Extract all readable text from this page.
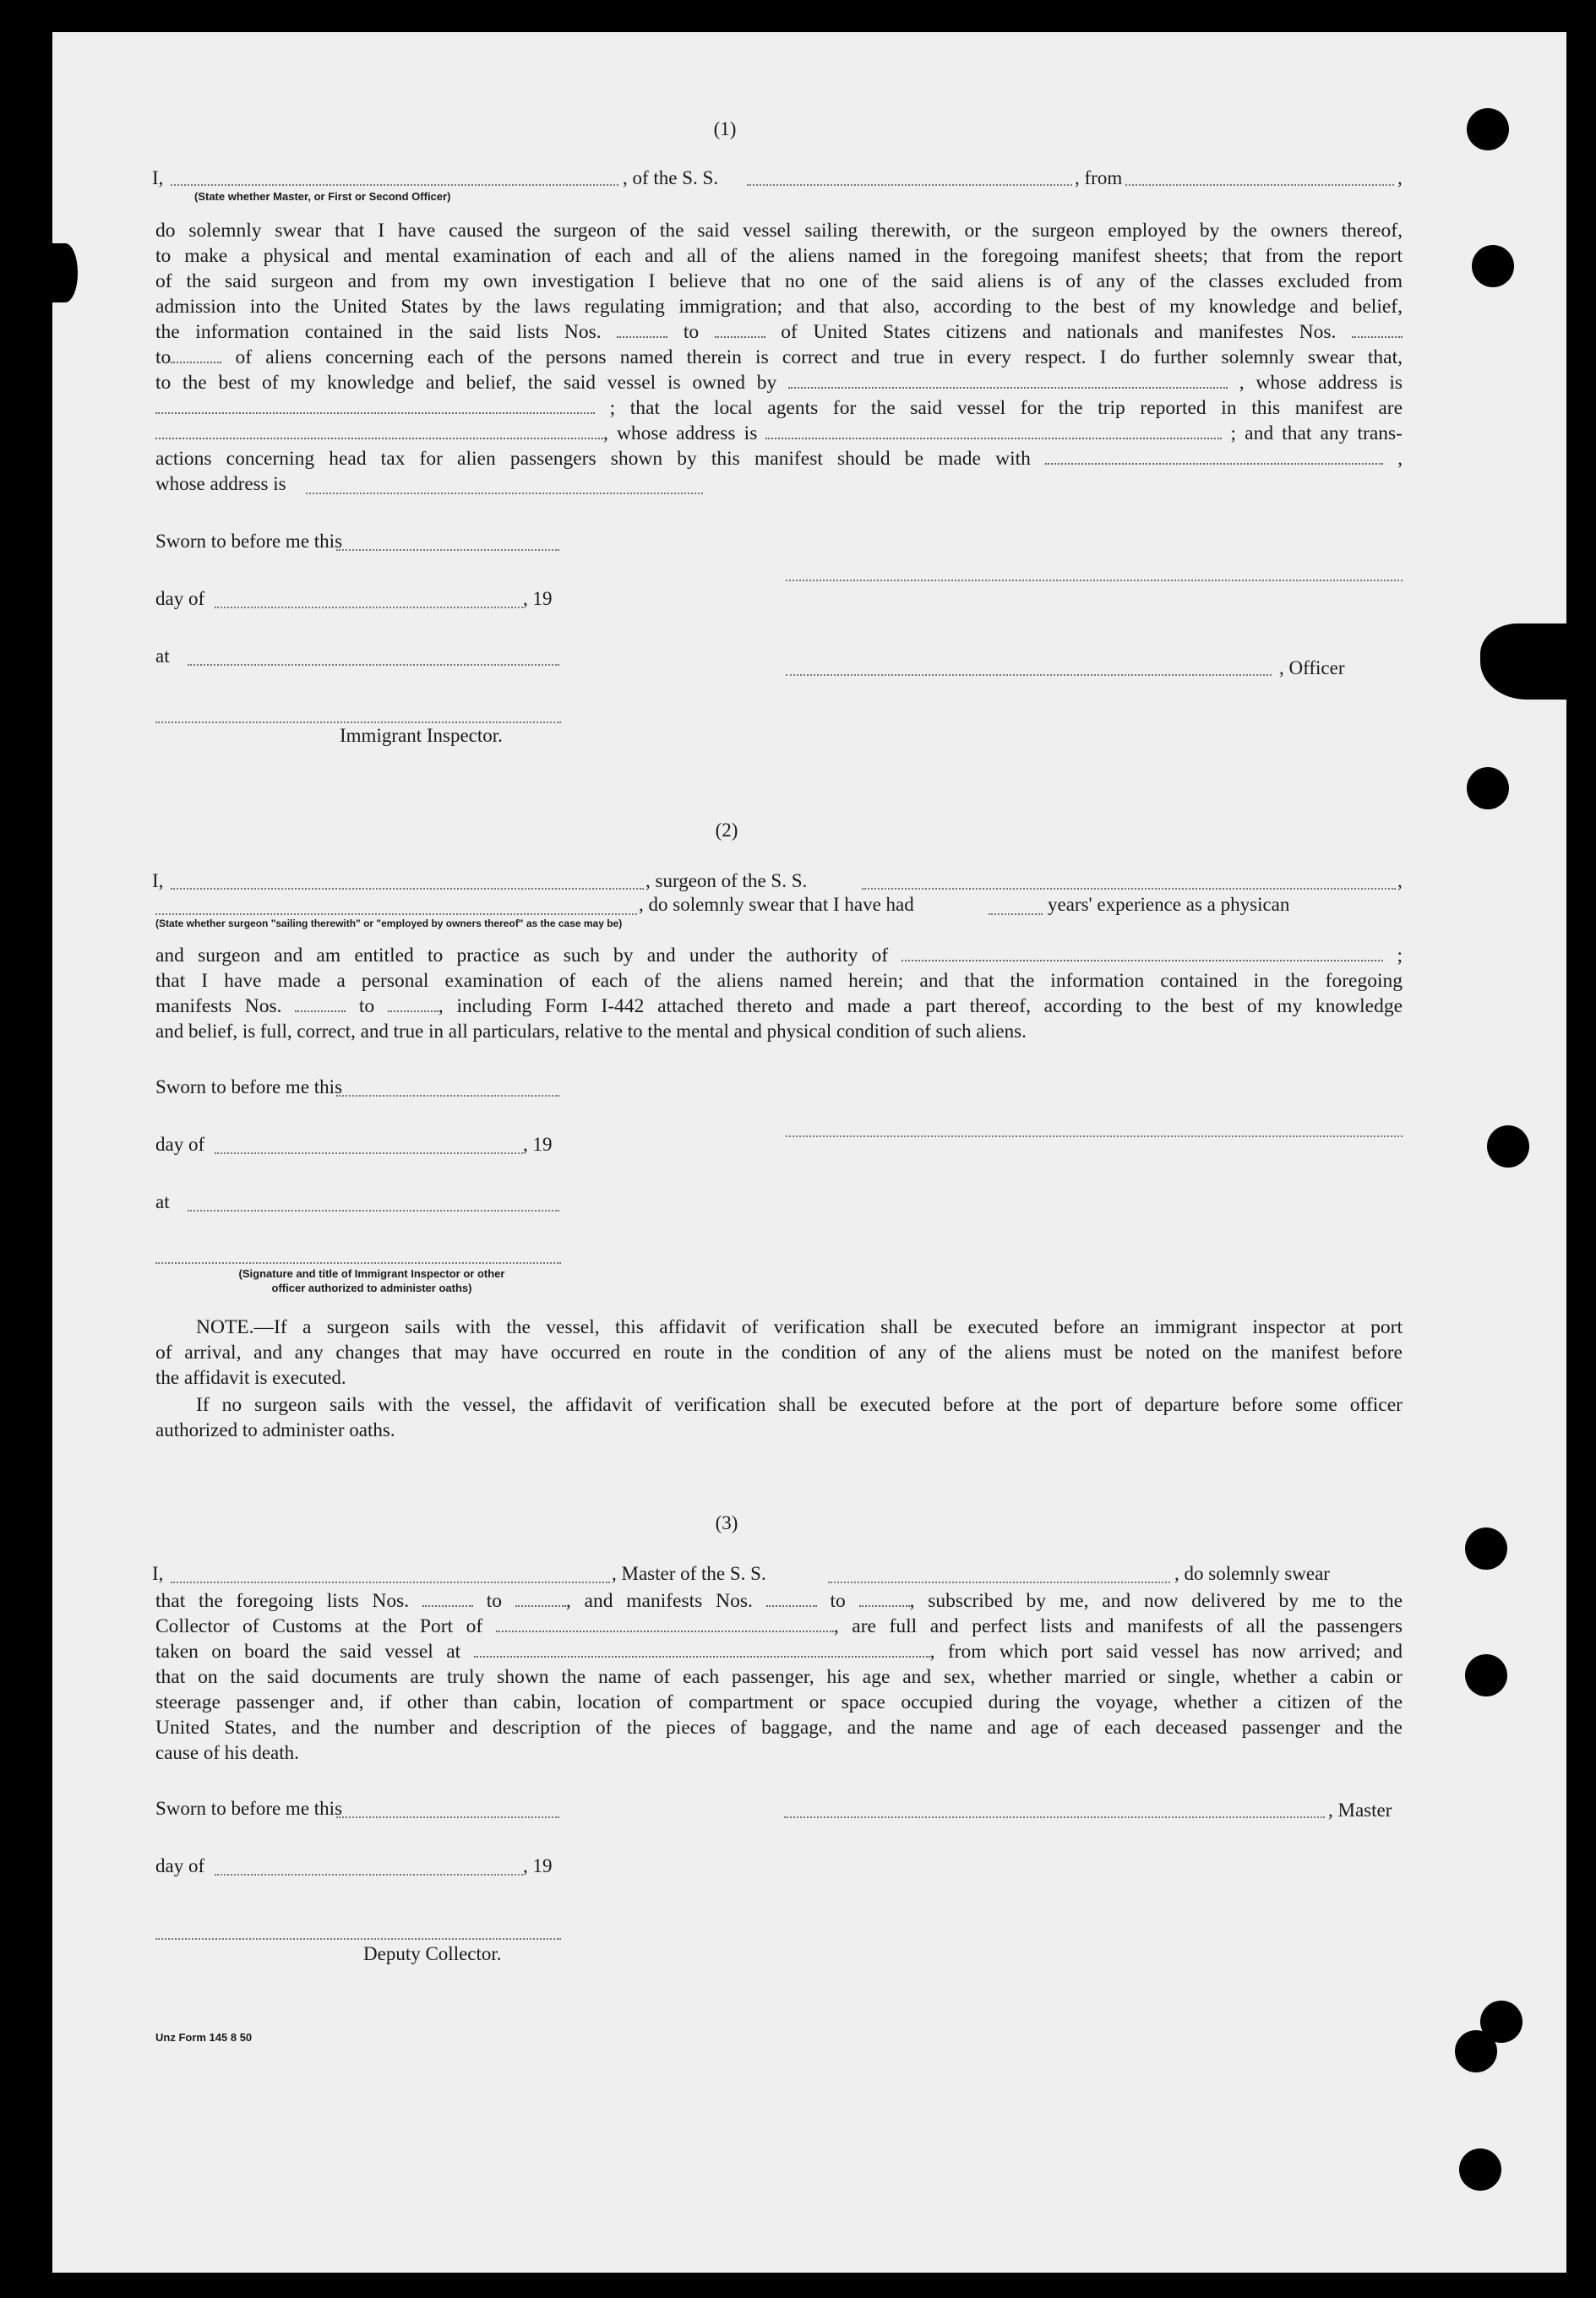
(1)
I,	, of the S. S.	, from	,
(State whether Master, or First or Second Officer)
do solemnly swear that I have caused the surgeon of the said vessel sailing therewith, or the surgeon employed by the owners thereof,
to make a physical and mental examination of each and all of the aliens named in the foregoing manifest sheets; that from the report
of the said surgeon and from my own investigation I believe that no one of the said aliens is of any of the classes excluded from
admission into the United States by the laws regulating immigration; and that also, according to the best of my knowledge and belief,
the information contained in the said lists Nos.	to	of United States citizens and nationals and manifestes Nos.
to	of aliens concerning each of the persons named therein is correct and true in every respect. I do further solemnly swear that,
to the best of my knowledge and belief, the said vessel is owned by	, whose address is
; that the local agents for the said vessel for the trip reported in this manifest are
, whose address is	; and that any trans-
actions concerning head tax for alien passengers shown by this manifest should be made with	,
whose address is
Sworn to before me this
day of	, 19
at
, Officer
Immigrant Inspector.
(2)
I,	, surgeon of the S. S.	,
, do solemnly swear that I have had	years' experience as a physican
(State whether surgeon "sailing therewith" or "employed by owners thereof" as the case may be)
and surgeon and am entitled to practice as such by and under the authority of	;
that I have made a personal examination of each of the aliens named herein; and that the information contained in the foregoing
manifests Nos.	to	, including Form I-442 attached thereto and made a part thereof, according to the best of my knowledge
and belief, is full, correct, and true in all particulars, relative to the mental and physical condition of such aliens.
Sworn to before me this
day of	, 19
at
(Signature and title of Immigrant Inspector or other
officer authorized to administer oaths)
NOTE.—If a surgeon sails with the vessel, this affidavit of verification shall be executed before an immigrant inspector at port
of arrival, and any changes that may have occurred en route in the condition of any of the aliens must be noted on the manifest before
the affidavit is executed.
If no surgeon sails with the vessel, the affidavit of verification shall be executed before at the port of departure before some officer
authorized to administer oaths.
(3)
I,	, Master of the S. S.	, do solemnly swear
that the foregoing lists Nos.	to	, and manifests Nos.	to	, subscribed by me, and now delivered by me to the
Collector of Customs at the Port of	, are full and perfect lists and manifests of all the passengers
taken on board the said vessel at	, from which port said vessel has now arrived; and
that on the said documents are truly shown the name of each passenger, his age and sex, whether married or single, whether a cabin or
steerage passenger and, if other than cabin, location of compartment or space occupied during the voyage, whether a citizen of the
United States, and the number and description of the pieces of baggage, and the name and age of each deceased passenger and the
cause of his death.
Sworn to before me this	, Master
day of	, 19
Deputy Collector.
Unz Form 145 8 50
